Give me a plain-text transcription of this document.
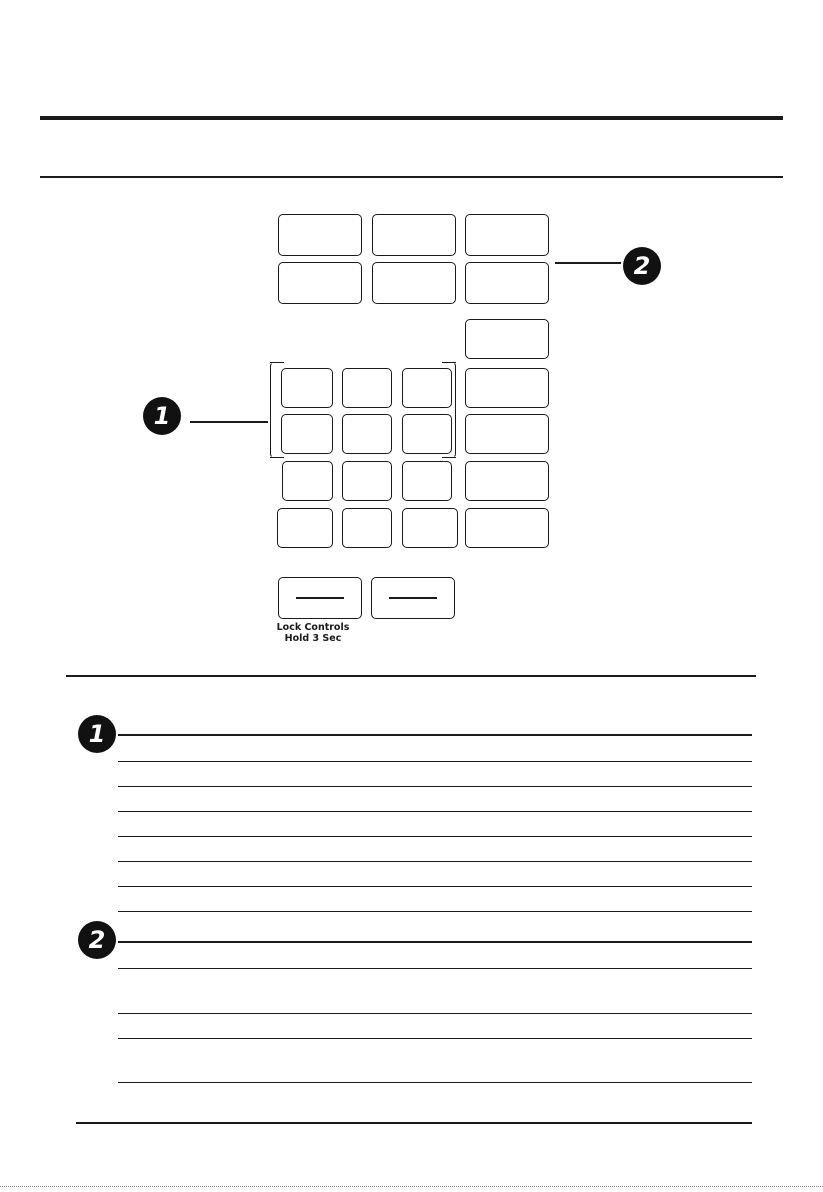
Lock Controls
Hold 3 Sec
1
2
1
2
